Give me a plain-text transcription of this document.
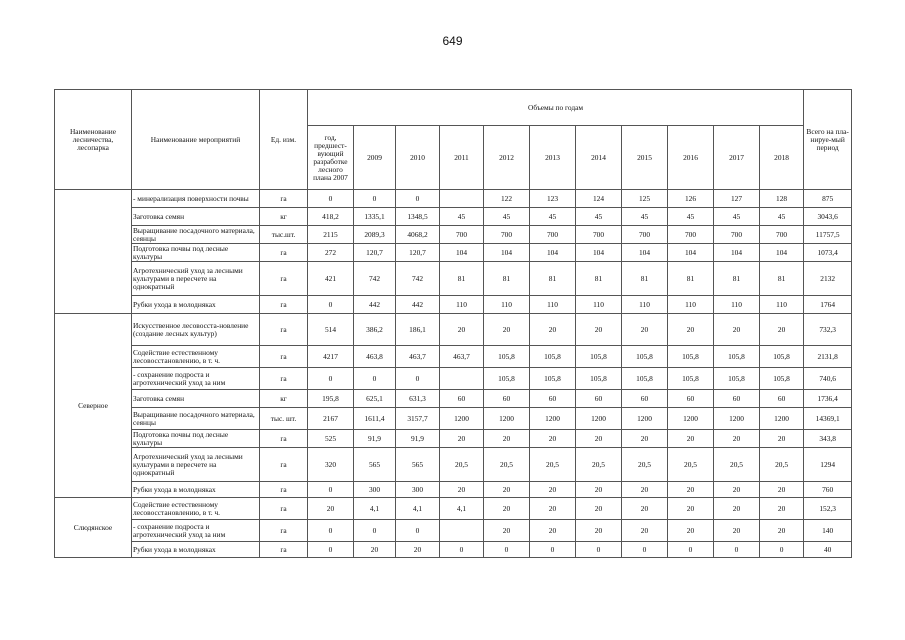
649
Наименование лесничества, лесопарка	Наименование мероприятий	Ед. изм.	Объемы по годам											Всего на пла-нируе-мый период
			год, предшест-вующий разработке лесного плана 2007	2009	2010	2011	2012	2013	2014	2015	2016	2017	2018	
	- минерализация поверхности почвы	га	0	0	0		122	123	124	125	126	127	128	875
	Заготовка семян	кг	418,2	1335,1	1348,5	45	45	45	45	45	45	45	45	3043,6
	Выращивание посадочного материала, сеянцы	тыс.шт.	2115	2089,3	4068,2	700	700	700	700	700	700	700	700	11757,5
	Подготовка почвы под лесные культуры	га	272	120,7	120,7	104	104	104	104	104	104	104	104	1073,4
	Агротехнический уход за лесными культурами в пересчете на однократный	га	421	742	742	81	81	81	81	81	81	81	81	2132
	Рубки ухода в молодняках	га	0	442	442	110	110	110	110	110	110	110	110	1764
Северное	Искусственное лесовосста-новление (создание лесных культур)	га	514	386,2	186,1	20	20	20	20	20	20	20	20	732,3
	Содействие естественному лесовосстановлению, в т. ч.	га	4217	463,8	463,7	463,7	105,8	105,8	105,8	105,8	105,8	105,8	105,8	2131,8
	- сохранение подроста и агротехнический уход за ним	га	0	0	0		105,8	105,8	105,8	105,8	105,8	105,8	105,8	740,6
	Заготовка семян	кг	195,8	625,1	631,3	60	60	60	60	60	60	60	60	1736,4
	Выращивание посадочного материала, сеянцы	тыс. шт.	2167	1611,4	3157,7	1200	1200	1200	1200	1200	1200	1200	1200	14369,1
	Подготовка почвы под лесные культуры	га	525	91,9	91,9	20	20	20	20	20	20	20	20	343,8
	Агротехнический уход за лесными культурами в пересчете на однократный	га	320	565	565	20,5	20,5	20,5	20,5	20,5	20,5	20,5	20,5	1294
	Рубки ухода в молодняках	га	0	300	300	20	20	20	20	20	20	20	20	760
Слюдянское	Содействие естественному лесовосстановлению, в т. ч.	га	20	4,1	4,1	4,1	20	20	20	20	20	20	20	152,3
	- сохранение подроста и агротехнический уход за ним	га	0	0	0		20	20	20	20	20	20	20	140
	Рубки ухода в молодняках	га	0	20	20	0	0	0	0	0	0	0	0	40
